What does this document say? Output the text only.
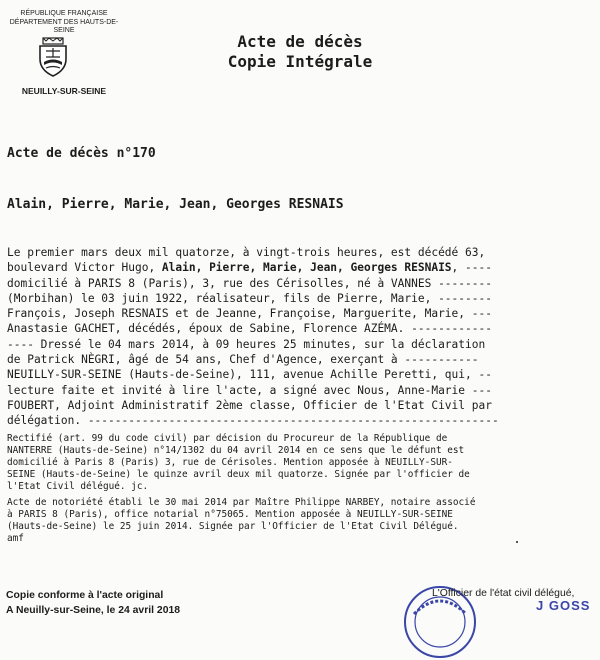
RÉPUBLIQUE FRANÇAISE
DÉPARTEMENT DES HAUTS-DE-SEINE
NEUILLY-SUR-SEINE
Acte de décès
Copie Intégrale
Acte de décès n°170
Alain, Pierre, Marie, Jean, Georges RESNAIS
Le premier mars deux mil quatorze, à vingt-trois heures, est décédé 63,
boulevard Victor Hugo, Alain, Pierre, Marie, Jean, Georges RESNAIS, ----
domicilié à PARIS 8 (Paris), 3, rue des Cérisolles, né à VANNES --------
(Morbihan) le 03 juin 1922, réalisateur, fils de Pierre, Marie, --------
François, Joseph RESNAIS et de Jeanne, Françoise, Marguerite, Marie, ---
Anastasie GACHET, décédés, époux de Sabine, Florence AZÉMA. ------------
---- Dressé le 04 mars 2014, à 09 heures 25 minutes, sur la déclaration
de Patrick NÈGRI, âgé de 54 ans, Chef d'Agence, exerçant à -----------
NEUILLY-SUR-SEINE (Hauts-de-Seine), 111, avenue Achille Peretti, qui, --
lecture faite et invité à lire l'acte, a signé avec Nous, Anne-Marie ---
FOUBERT, Adjoint Administratif 2ème classe, Officier de l'Etat Civil par
délégation. -------------------------------------------------------------
Rectifié (art. 99 du code civil) par décision du Procureur de la République de
NANTERRE (Hauts-de-Seine) n°14/1302 du 04 avril 2014 en ce sens que le défunt est
domicilié à Paris 8 (Paris) 3, rue de Cérisoles. Mention apposée à NEUILLY-SUR-
SEINE (Hauts-de-Seine) le quinze avril deux mil quatorze. Signée par l'officier de
l'Etat Civil délégué. jc.
Acte de notoriété établi le 30 mai 2014 par Maître Philippe NARBEY, notaire associé
à PARIS 8 (Paris), office notarial n°75065. Mention apposée à NEUILLY-SUR-SEINE
(Hauts-de-Seine) le 25 juin 2014. Signée par l'Officier de l'Etat Civil Délégué.
amf
Copie conforme à l'acte original
A Neuilly-sur-Seine, le 24 avril 2018
L'Officier de l'état civil délégué,
J GOSS
